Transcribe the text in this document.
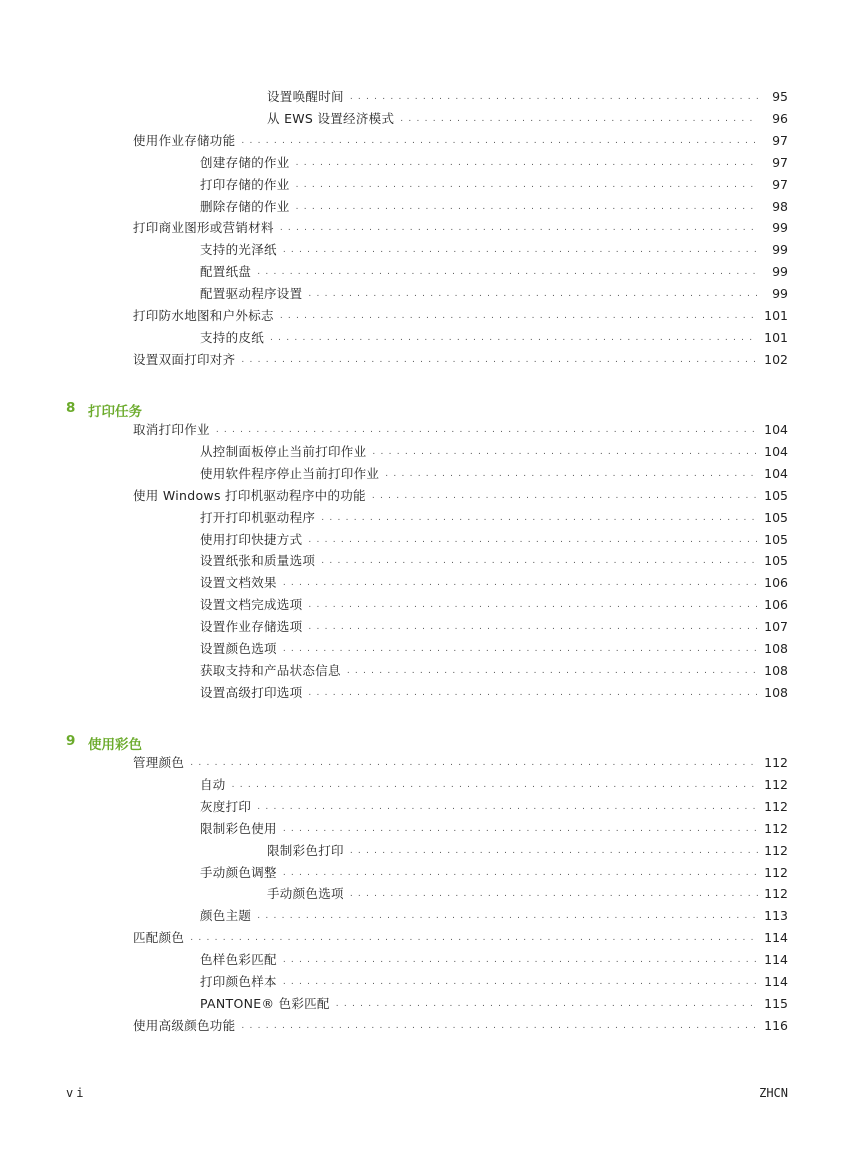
设置唤醒时间 . . .	95
从 EWS 设置经济模式 . . .	96
使用作业存储功能 . . .	97
创建存储的作业 . . .	97
打印存储的作业 . . .	97
删除存储的作业 . . .	98
打印商业图形或营销材料 . . .	99
支持的光泽纸 . . .	99
配置纸盘 . . .	99
配置驱动程序设置 . . .	99
打印防水地图和户外标志 . . .	101
支持的皮纸 . . .	101
设置双面打印对齐 . . .	102
8 打印任务
取消打印作业 . . .	104
从控制面板停止当前打印作业 . . .	104
使用软件程序停止当前打印作业 . . .	104
使用 Windows 打印机驱动程序中的功能 . . .	105
打开打印机驱动程序 . . .	105
使用打印快捷方式 . . .	105
设置纸张和质量选项 . . .	105
设置文档效果 . . .	106
设置文档完成选项 . . .	106
设置作业存储选项 . . .	107
设置颜色选项 . . .	108
获取支持和产品状态信息 . . .	108
设置高级打印选项 . . .	108
9 使用彩色
管理颜色 . . .	112
自动 . . .	112
灰度打印 . . .	112
限制彩色使用 . . .	112
限制彩色打印 . . .	112
手动颜色调整 . . .	112
手动颜色选项 . . .	112
颜色主题 . . .	113
匹配颜色 . . .	114
色样色彩匹配 . . .	114
打印颜色样本 . . .	114
PANTONE® 色彩匹配 . . .	115
使用高级颜色功能 . . .	116
vi	ZHCN
